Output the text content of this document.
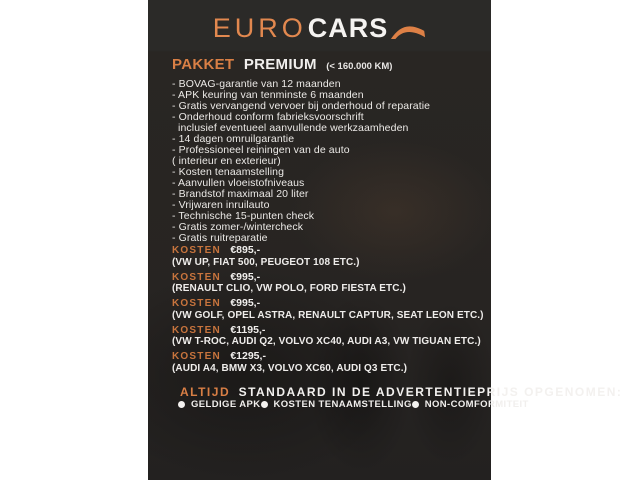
EURO CARS
PAKKET PREMIUM (< 160.000 KM)
- BOVAG-garantie van 12 maanden
- APK keuring van tenminste 6 maanden
- Gratis vervangend vervoer bij onderhoud of reparatie
- Onderhoud conform fabrieksvoorschrift
inclusief eventueel aanvullende werkzaamheden
- 14 dagen omruilgarantie
- Professioneel reiningen van de auto
( interieur en exterieur)
- Kosten tenaamstelling
- Aanvullen vloeistofniveaus
- Brandstof maximaal 20 liter
- Vrijwaren inruilauto
- Technische 15-punten check
- Gratis zomer-/wintercheck
- Gratis ruitreparatie
KOSTEN €895,-
(VW UP, FIAT 500, PEUGEOT 108 ETC.)
KOSTEN €995,-
(RENAULT CLIO, VW POLO, FORD FIESTA ETC.)
KOSTEN €995,-
(VW GOLF, OPEL ASTRA, RENAULT CAPTUR, SEAT LEON ETC.)
KOSTEN €1195,-
(VW T-ROC, AUDI Q2, VOLVO XC40, AUDI A3, VW TIGUAN ETC.)
KOSTEN €1295,-
(AUDI A4, BMW X3, VOLVO XC60, AUDI Q3 ETC.)
ALTIJD STANDAARD IN DE ADVERTENTIEPRIJS OPGENOMEN:
GELDIGE APK KOSTEN TENAAMSTELLING NON-COMFORMITEIT
